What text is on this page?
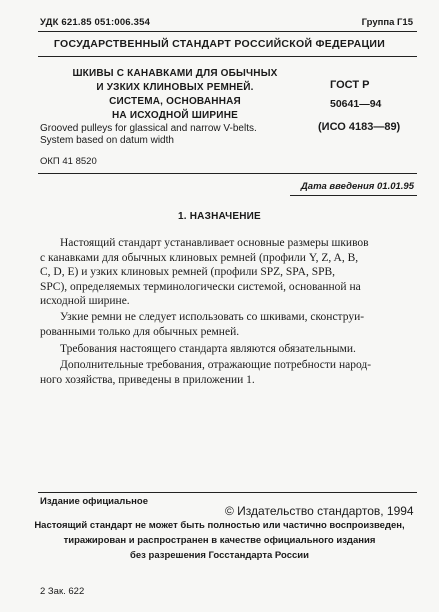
УДК 621.85 051:006.354	Группа Г15
ГОСУДАРСТВЕННЫЙ СТАНДАРТ РОССИЙСКОЙ ФЕДЕРАЦИИ
ШКИВЫ С КАНАВКАМИ ДЛЯ ОБЫЧНЫХ
И УЗКИХ КЛИНОВЫХ РЕМНЕЙ.
СИСТЕМА, ОСНОВАННАЯ
НА ИСХОДНОЙ ШИРИНЕ
Grooved pulleys for glassical and narrow V-belts.
System based on datum width
ГОСТ Р
50641—94
(ИСО 4183—89)
ОКП 41 8520
Дата введения 01.01.95
1. НАЗНАЧЕНИЕ
Настоящий стандарт устанавливает основные размеры шкивов
с канавками для обычных клиновых ремней (профили Y, Z, A, B,
C, D, E) и узких клиновых ремней (профили SPZ, SPA, SPB,
SPC), определяемых терминологически системой, основанной на
исходной ширине.
Узкие ремни не следует использовать со шкивами, сконструи-
рованными только для обычных ремней.
Требования настоящего стандарта являются обязательными.
Дополнительные требования, отражающие потребности народ-
ного хозяйства, приведены в приложении 1.
Издание официальное
© Издательство стандартов, 1994
Настоящий стандарт не может быть полностью или частично воспроизведен,
тиражирован и распространен в качестве официального издания
без разрешения Госстандарта России
2 Зак. 622
